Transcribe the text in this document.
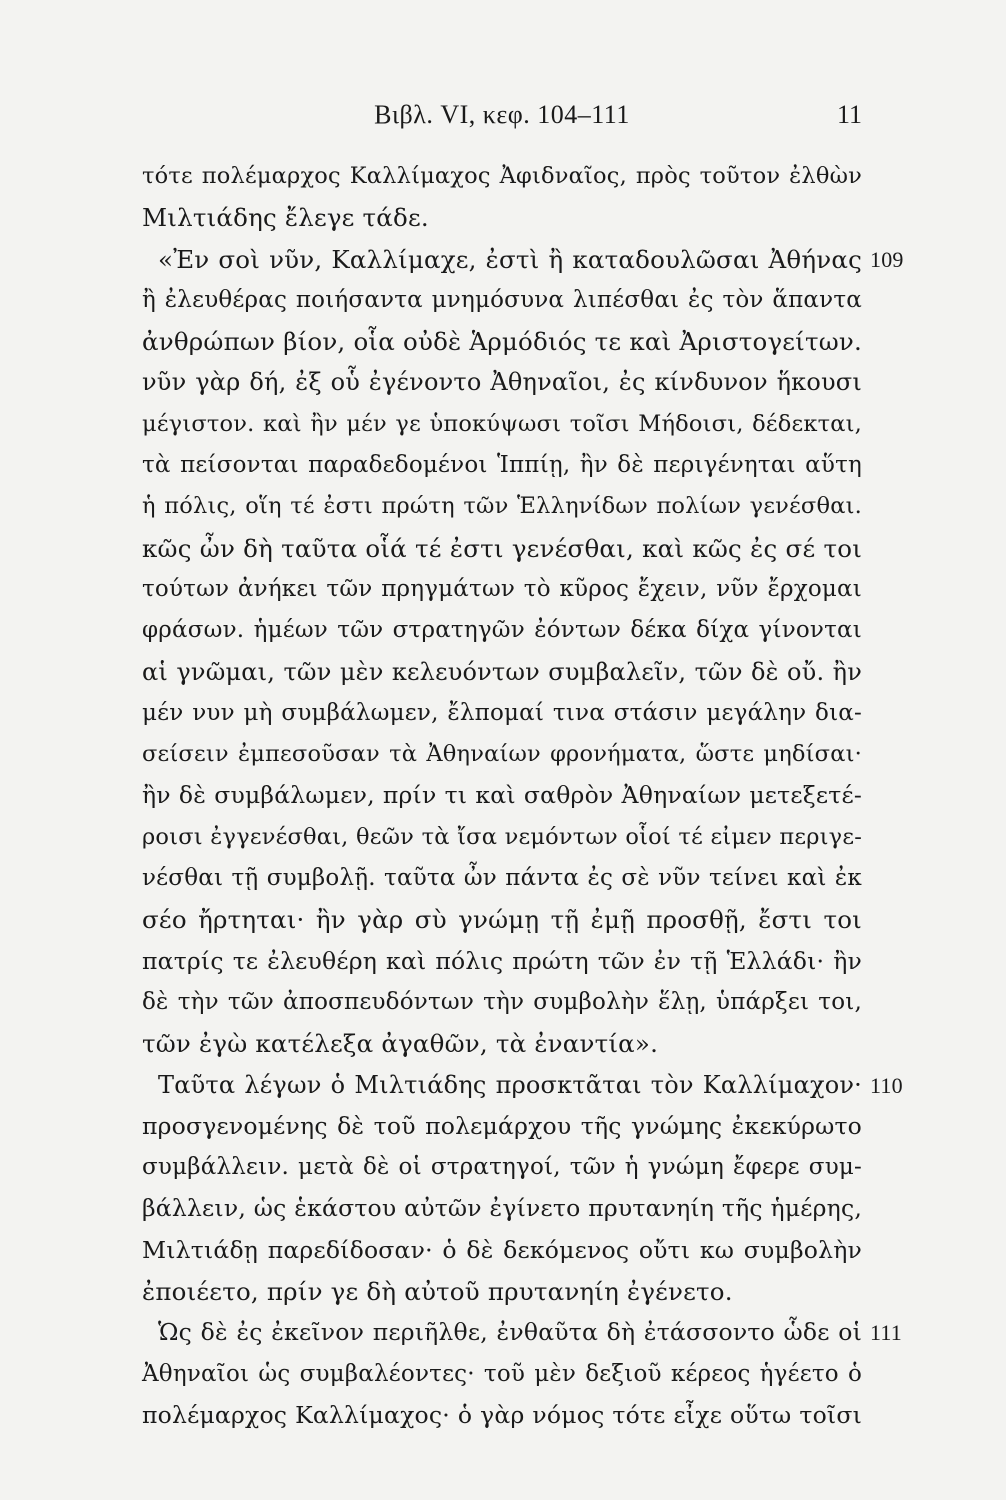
Βιβλ. VI, κεφ. 104–111	11
τότε πολέμαρχος Καλλίμαχος Ἀφιδναῖος, πρὸς τοῦτον ἐλθὼν
Μιλτιάδης ἔλεγε τάδε.
«Ἐν σοὶ νῦν, Καλλίμαχε, ἐστὶ ἢ καταδουλῶσαι Ἀθήνας 109
ἢ ἐλευθέρας ποιήσαντα μνημόσυνα λιπέσθαι ἐς τὸν ἅπαντα
ἀνθρώπων βίον, οἷα οὐδὲ Ἁρμόδιός τε καὶ Ἀριστογείτων.
νῦν γὰρ δή, ἐξ οὗ ἐγένοντο Ἀθηναῖοι, ἐς κίνδυνον ἥκουσι
μέγιστον. καὶ ἢν μέν γε ὑποκύψωσι τοῖσι Μήδοισι, δέδεκται,
τὰ πείσονται παραδεδομένοι Ἱππίῃ, ἢν δὲ περιγένηται αὕτη
ἡ πόλις, οἵη τέ ἐστι πρώτη τῶν Ἑλληνίδων πολίων γενέσθαι.
κῶς ὦν δὴ ταῦτα οἷά τέ ἐστι γενέσθαι, καὶ κῶς ἐς σέ τοι
τούτων ἀνήκει τῶν πρηγμάτων τὸ κῦρος ἔχειν, νῦν ἔρχομαι
φράσων. ἡμέων τῶν στρατηγῶν ἐόντων δέκα δίχα γίνονται
αἱ γνῶμαι, τῶν μὲν κελευόντων συμβαλεῖν, τῶν δὲ οὔ. ἢν
μέν νυν μὴ συμβάλωμεν, ἔλπομαί τινα στάσιν μεγάλην δια-
σείσειν ἐμπεσοῦσαν τὰ Ἀθηναίων φρονήματα, ὥστε μηδίσαι·
ἢν δὲ συμβάλωμεν, πρίν τι καὶ σαθρὸν Ἀθηναίων μετεξετέ-
ροισι ἐγγενέσθαι, θεῶν τὰ ἴσα νεμόντων οἷοί τέ εἰμεν περιγε-
νέσθαι τῇ συμβολῇ. ταῦτα ὦν πάντα ἐς σὲ νῦν τείνει καὶ ἐκ
σέο ἤρτηται· ἢν γὰρ σὺ γνώμῃ τῇ ἐμῇ προσθῇ, ἔστι τοι
πατρίς τε ἐλευθέρη καὶ πόλις πρώτη τῶν ἐν τῇ Ἑλλάδι· ἢν
δὲ τὴν τῶν ἀποσπευδόντων τὴν συμβολὴν ἕλῃ, ὑπάρξει τοι,
τῶν ἐγὼ κατέλεξα ἀγαθῶν, τὰ ἐναντία».
Ταῦτα λέγων ὁ Μιλτιάδης προσκτᾶται τὸν Καλλίμαχον· 110
προσγενομένης δὲ τοῦ πολεμάρχου τῆς γνώμης ἐκεκύρωτο
συμβάλλειν. μετὰ δὲ οἱ στρατηγοί, τῶν ἡ γνώμη ἔφερε συμ-
βάλλειν, ὡς ἑκάστου αὐτῶν ἐγίνετο πρυτανηίη τῆς ἡμέρης,
Μιλτιάδῃ παρεδίδοσαν· ὁ δὲ δεκόμενος οὔτι κω συμβολὴν
ἐποιέετο, πρίν γε δὴ αὐτοῦ πρυτανηίη ἐγένετο.
Ὡς δὲ ἐς ἐκεῖνον περιῆλθε, ἐνθαῦτα δὴ ἐτάσσοντο ὧδε οἱ 111
Ἀθηναῖοι ὡς συμβαλέοντες· τοῦ μὲν δεξιοῦ κέρεος ἡγέετο ὁ
πολέμαρχος Καλλίμαχος· ὁ γὰρ νόμος τότε εἶχε οὕτω τοῖσι
